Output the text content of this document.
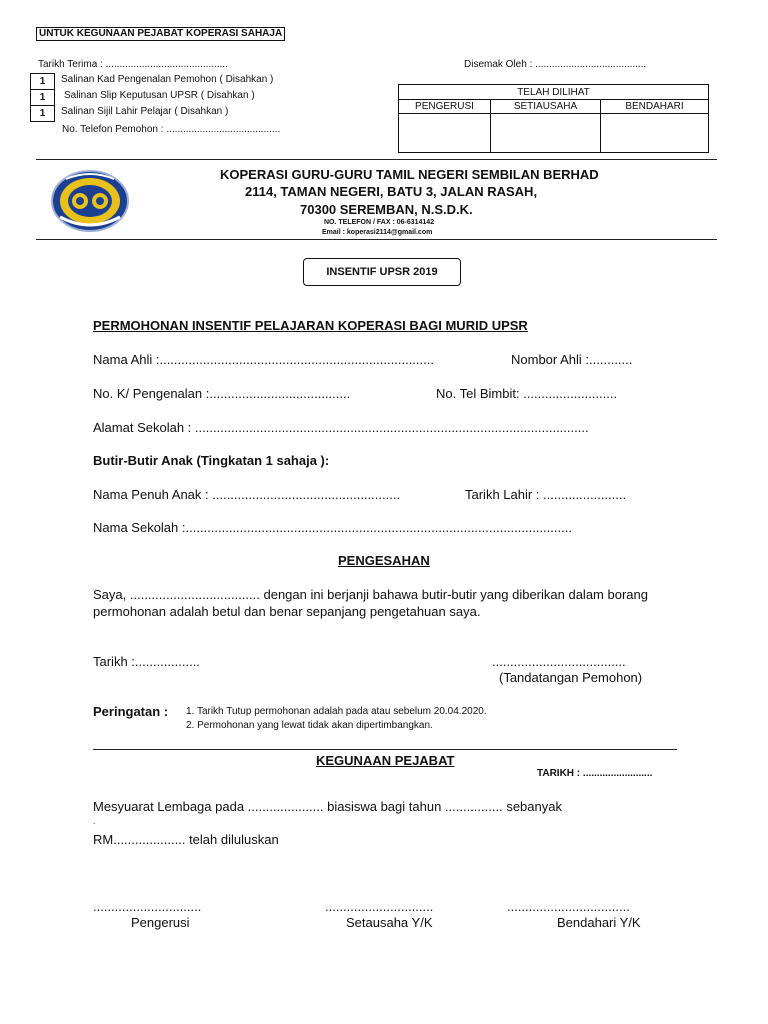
UNTUK KEGUNAAN PEJABAT KOPERASI SAHAJA
Tarikh Terima : ............................................	Disemak Oleh : ........................................
1	Salinan Kad Pengenalan Pemohon ( Disahkan )
1	Salinan Slip Keputusan UPSR ( Disahkan )
1	Salinan Sijil Lahir Pelajar ( Disahkan )
No. Telefon Pemohon : .........................................
TELAH DILIHAT		
PENGERUSI	SETIAUSAHA	BENDAHARI

KOPERASI GURU-GURU TAMIL NEGERI SEMBILAN BERHAD
2114, TAMAN NEGERI, BATU 3, JALAN RASAH,
70300 SEREMBAN, N.S.D.K.
NO. TELEFON / FAX : 06-6314142
Email : koperasi2114@gmail.com
INSENTIF UPSR 2019
PERMOHONAN INSENTIF PELAJARAN KOPERASI BAGI MURID UPSR
Nama Ahli :............................................................................	Nombor Ahli :............
No. K/ Pengenalan :.......................................	No. Tel Bimbit: ..........................
Alamat Sekolah : .............................................................................................................
Butir-Butir Anak (Tingkatan 1 sahaja ):
Nama Penuh Anak : ....................................................	Tarikh Lahir : .......................
Nama Sekolah :...........................................................................................................
PENGESAHAN
Saya, .................................... dengan ini berjanji bahawa butir-butir yang diberikan dalam borang
permohonan adalah betul dan benar sepanjang pengetahuan saya.
Tarikh :..................	.....................................
(Tandatangan Pemohon)
Peringatan : 1. Tarikh Tutup permohonan adalah pada atau sebelum 20.04.2020.
2. Permohonan yang lewat tidak akan dipertimbangkan.
KEGUNAAN PEJABAT
TARIKH : .........................
Mesyuarat Lembaga pada ..................... biasiswa bagi tahun ................ sebanyak
.
RM.................... telah diluluskan
..............................
Pengerusi
..............................
Setausaha Y/K
..................................
Bendahari Y/K
